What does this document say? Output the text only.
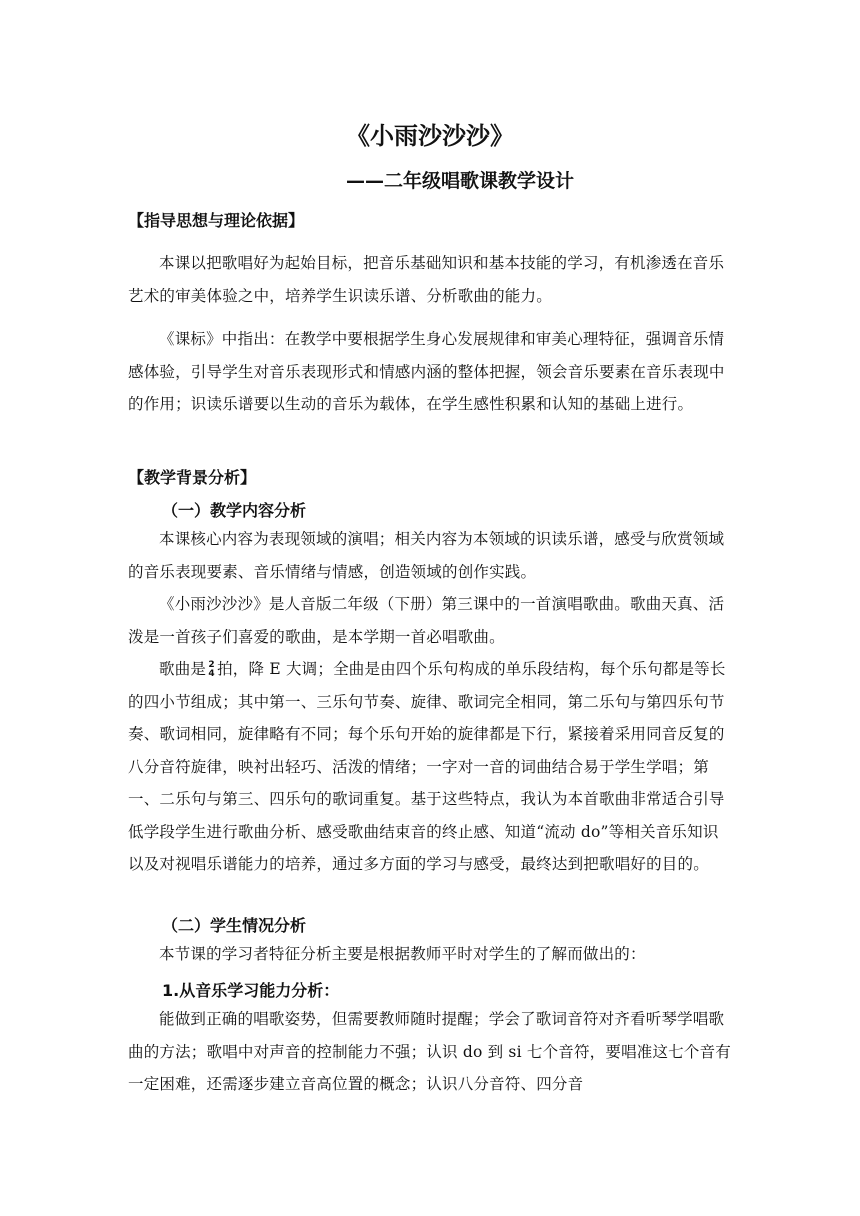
《小雨沙沙沙》
——二年级唱歌课教学设计
【指导思想与理论依据】
本课以把歌唱好为起始目标，把音乐基础知识和基本技能的学习，有机渗透在音乐艺术的审美体验之中，培养学生识读乐谱、分析歌曲的能力。
《课标》中指出：在教学中要根据学生身心发展规律和审美心理特征，强调音乐情感体验，引导学生对音乐表现形式和情感内涵的整体把握，领会音乐要素在音乐表现中的作用；识读乐谱要以生动的音乐为载体，在学生感性积累和认知的基础上进行。
【教学背景分析】
（一）教学内容分析
本课核心内容为表现领域的演唱；相关内容为本领域的识读乐谱，感受与欣赏领域的音乐表现要素、音乐情绪与情感，创造领域的创作实践。
《小雨沙沙沙》是人音版二年级（下册）第三课中的一首演唱歌曲。歌曲天真、活泼是一首孩子们喜爱的歌曲，是本学期一首必唱歌曲。
歌曲是 2
4 拍，降 E 大调；全曲是由四个乐句构成的单乐段结构，每个乐句都是等长的四小节组成；其中第一、三乐句节奏、旋律、歌词完全相同，第二乐句与第四乐句节奏、歌词相同，旋律略有不同；每个乐句开始的旋律都是下行，紧接着采用同音反复的八分音符旋律，映衬出轻巧、活泼的情绪；一字对一音的词曲结合易于学生学唱；第一、二乐句与第三、四乐句的歌词重复。基于这些特点，我认为本首歌曲非常适合引导低学段学生进行歌曲分析、感受歌曲结束音的终止感、知道“流动 do”等相关音乐知识以及对视唱乐谱能力的培养，通过多方面的学习与感受，最终达到把歌唱好的目的。
（二）学生情况分析
本节课的学习者特征分析主要是根据教师平时对学生的了解而做出的：
1.从音乐学习能力分析：
能做到正确的唱歌姿势，但需要教师随时提醒；学会了歌词音符对齐看听琴学唱歌曲的方法；歌唱中对声音的控制能力不强；认识 do 到 si 七个音符，要唱准这七个音有一定困难，还需逐步建立音高位置的概念；认识八分音符、四分音
